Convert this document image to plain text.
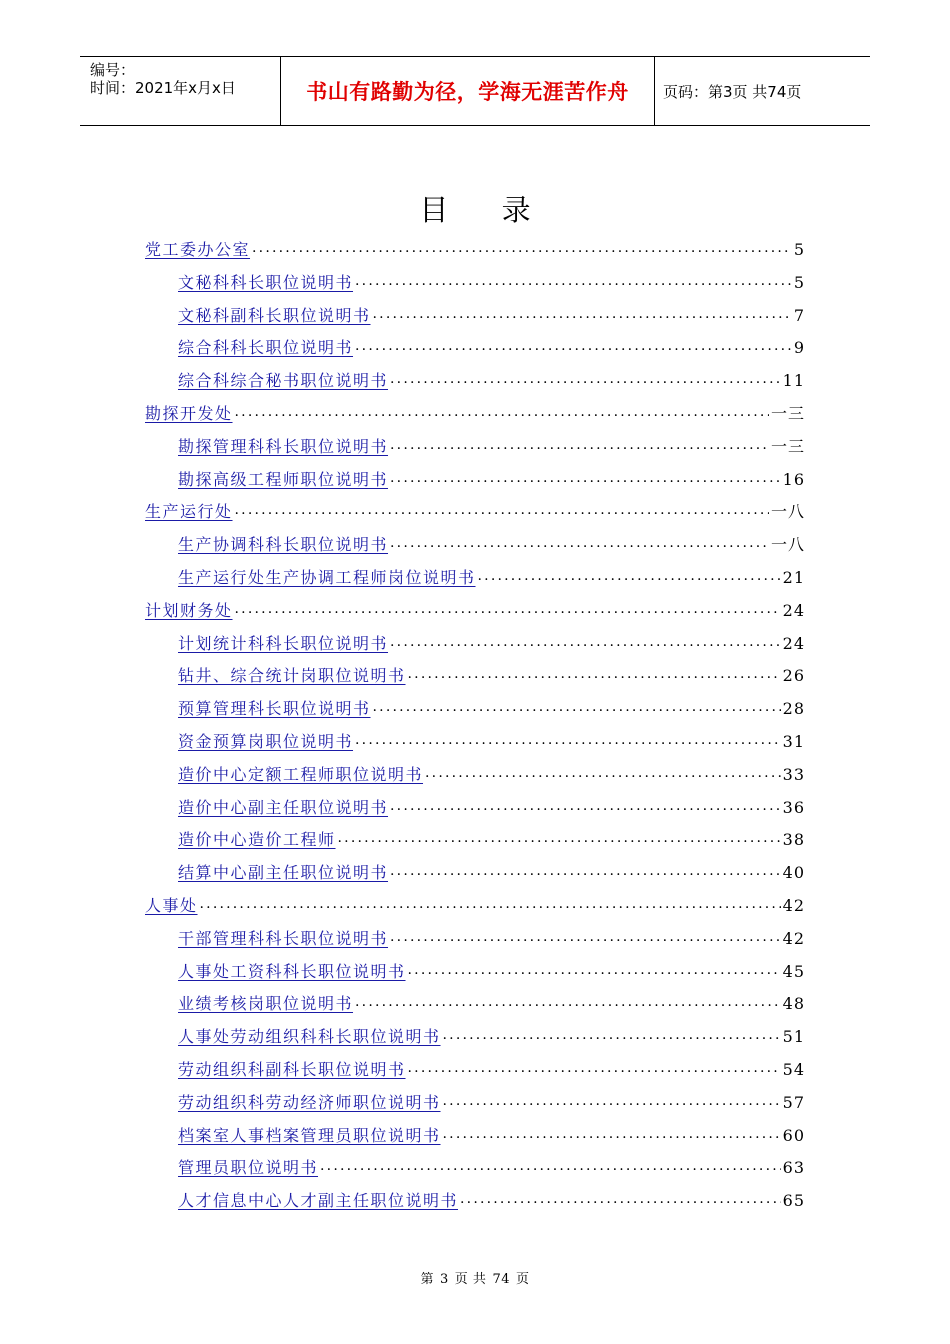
编号：
时间：2021年x月x日	书山有路勤为径，学海无涯苦作舟	页码：第3页 共74页
目 录
党工委办公室 .....	5
文秘科科长职位说明书 .....	5
文秘科副科长职位说明书 .....	7
综合科科长职位说明书 .....	9
综合科综合秘书职位说明书 .....	11
勘探开发处 .....	一三
勘探管理科科长职位说明书 .....	一三
勘探高级工程师职位说明书 .....	16
生产运行处 .....	一八
生产协调科科长职位说明书 .....	一八
生产运行处生产协调工程师岗位说明书 .....	21
计划财务处 .....	24
计划统计科科长职位说明书 .....	24
钻井、综合统计岗职位说明书 .....	26
预算管理科长职位说明书 .....	28
资金预算岗职位说明书 .....	31
造价中心定额工程师职位说明书 .....	33
造价中心副主任职位说明书 .....	36
造价中心造价工程师 .....	38
结算中心副主任职位说明书 .....	40
人事处 .....	42
干部管理科科长职位说明书 .....	42
人事处工资科科长职位说明书 .....	45
业绩考核岗职位说明书 .....	48
人事处劳动组织科科长职位说明书 .....	51
劳动组织科副科长职位说明书 .....	54
劳动组织科劳动经济师职位说明书 .....	57
档案室人事档案管理员职位说明书 .....	60
管理员职位说明书 .....	63
人才信息中心人才副主任职位说明书 .....	65
第 3 页 共 74 页
